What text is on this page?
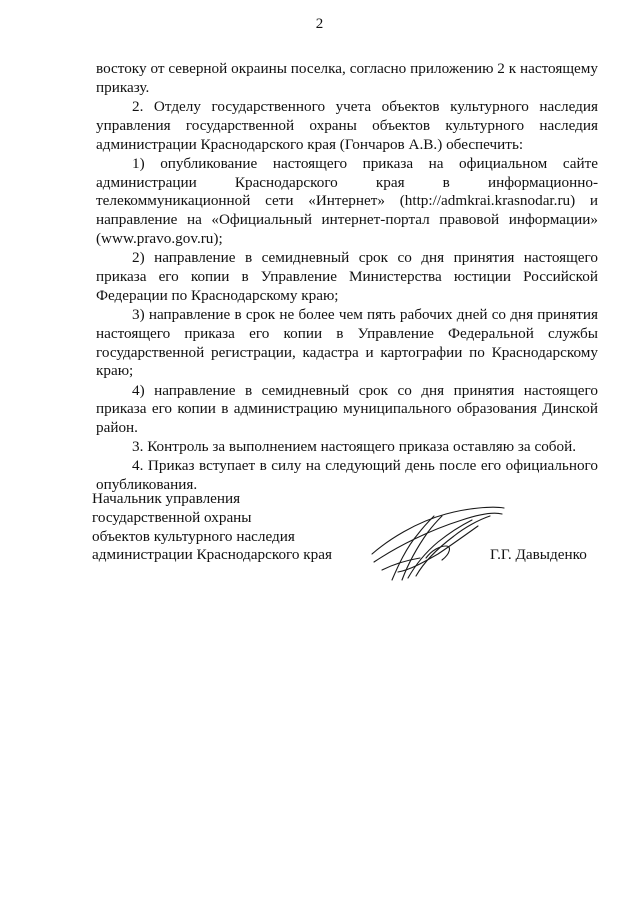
2

востоку от северной окраины поселка, согласно приложению 2 к настоящему приказу.

2. Отделу государственного учета объектов культурного наследия управления государственной охраны объектов культурного наследия администрации Краснодарского края (Гончаров А.В.) обеспечить:

1) опубликование настоящего приказа на официальном сайте администрации Краснодарского края в информационно-телекоммуникационной сети «Интернет» (http://admkrai.krasnodar.ru) и направление на «Официальный интернет-портал правовой информации» (www.pravo.gov.ru);

2) направление в семидневный срок со дня принятия настоящего приказа его копии в Управление Министерства юстиции Российской Федерации по Краснодарскому краю;

3) направление в срок не более чем пять рабочих дней со дня принятия настоящего приказа его копии в Управление Федеральной службы государственной регистрации, кадастра и картографии по Краснодарскому краю;

4) направление в семидневный срок со дня принятия настоящего приказа его копии в администрацию муниципального образования Динской район.

3. Контроль за выполнением настоящего приказа оставляю за собой.

4. Приказ вступает в силу на следующий день после его официального опубликования.

Начальник управления
государственной охраны
объектов культурного наследия
администрации Краснодарского края	Г.Г. Давыденко
